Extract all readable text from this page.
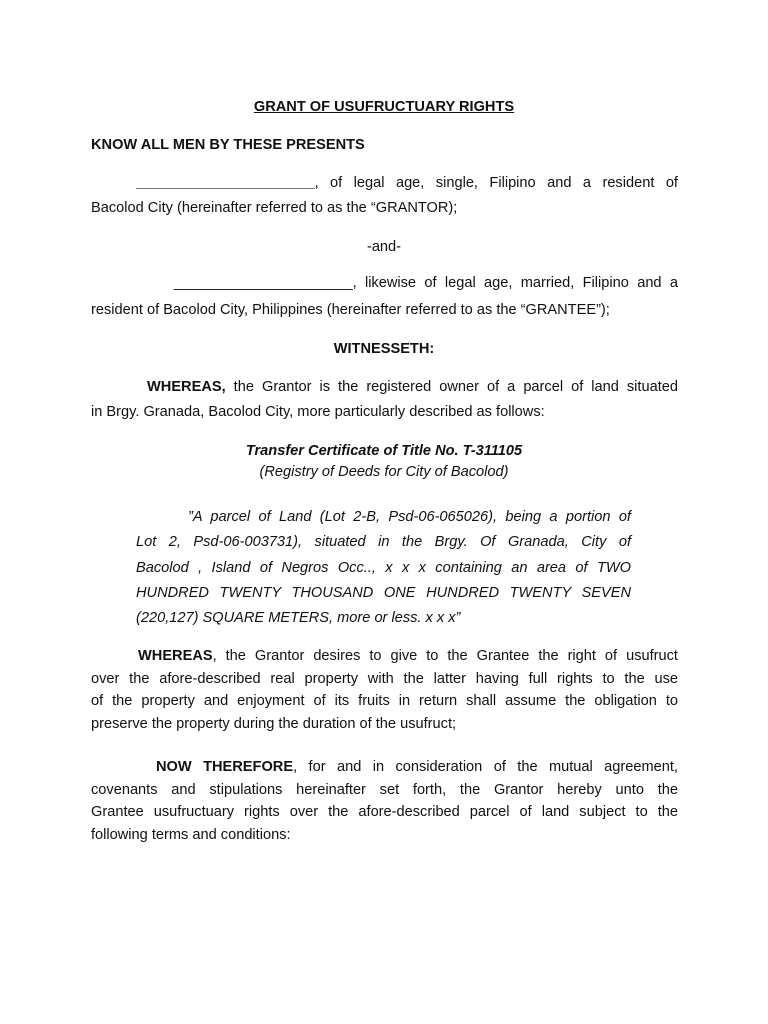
GRANT OF USUFRUCTUARY RIGHTS
KNOW ALL MEN BY THESE PRESENTS
______________________, of legal age, single, Filipino and a resident of
Bacolod City (hereinafter referred to as the “GRANTOR);
-and-
______________________, likewise of legal age, married, Filipino and a
resident of Bacolod City, Philippines (hereinafter referred to as the “GRANTEE”);
WITNESSETH:
WHEREAS, the Grantor is the registered owner of a parcel of land situated
in Brgy. Granada, Bacolod City, more particularly described as follows:
Transfer Certificate of Title No. T-311105
(Registry of Deeds for City of Bacolod)
”A parcel of Land (Lot 2-B, Psd-06-065026), being a portion of
Lot 2, Psd-06-003731), situated in the Brgy. Of Granada, City of
Bacolod , Island of Negros Occ.., x x x containing an area of TWO
HUNDRED TWENTY THOUSAND ONE HUNDRED TWENTY SEVEN
(220,127) SQUARE METERS, more or less. x x x”
WHEREAS, the Grantor desires to give to the Grantee the right of usufruct
over the afore-described real property with the latter having full rights to the use
of the property and enjoyment of its fruits in return shall assume the obligation to
preserve the property during the duration of the usufruct;
NOW THEREFORE, for and in consideration of the mutual agreement,
covenants and stipulations hereinafter set forth, the Grantor hereby unto the
Grantee usufructuary rights over the afore-described parcel of land subject to the
following terms and conditions:
